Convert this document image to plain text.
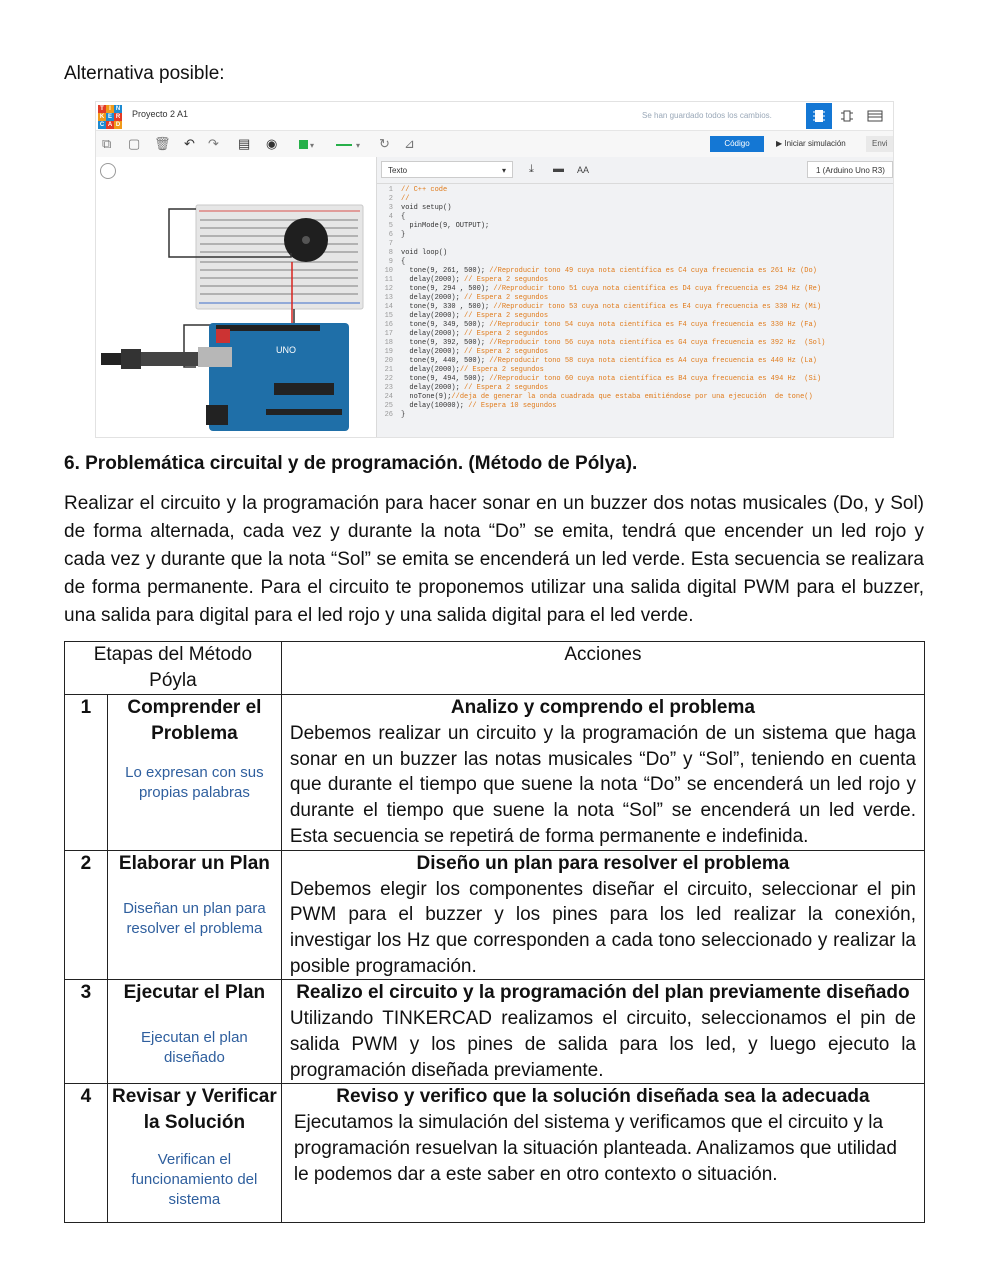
Alternativa posible:
T I N
K E R
C A D
Proyecto 2 A1	Se han guardado todos los cambios.
⧉ ▢ 🗑 ↶ ↷ ▤ ◉	▾	▾ ↻ ⊿	Código	▶ Iniciar simulación	Envi
UNO
Texto	▾ ⤓ ▬ AA	1 (Arduino Uno R3)
1 // C++ code
2 //
3 void setup()
4 {
5 pinMode(9, OUTPUT);
6 }
7
8 void loop()
9 {
10 tone(9, 261, 500); //Reproducir tono 49 cuya nota científica es C4 cuya frecuencia es 261 Hz (Do)
11 delay(2000); // Espera 2 segundos
12 tone(9, 294 , 500); //Reproducir tono 51 cuya nota científica es D4 cuya frecuencia es 294 Hz (Re)
13 delay(2000); // Espera 2 segundos
14 tone(9, 330 , 500); //Reproducir tono 53 cuya nota científica es E4 cuya frecuencia es 330 Hz (Mi)
15 delay(2000); // Espera 2 segundos
16 tone(9, 349, 500); //Reproducir tono 54 cuya nota científica es F4 cuya frecuencia es 330 Hz (Fa)
17 delay(2000); // Espera 2 segundos
18 tone(9, 392, 500); //Reproducir tono 56 cuya nota científica es G4 cuya frecuencia es 392 Hz  (Sol)
19 delay(2000); // Espera 2 segundos
20 tone(9, 440, 500); //Reproducir tono 58 cuya nota científica es A4 cuya frecuencia es 440 Hz (La)
21 delay(2000);// Espera 2 segundos
22 tone(9, 494, 500); //Reproducir tono 60 cuya nota científica es B4 cuya frecuencia es 494 Hz  (Si)
23 delay(2000); // Espera 2 segundos
24 noTone(9);//deja de generar la onda cuadrada que estaba emitiéndose por una ejecución  de tone()
25 delay(10000); // Espera 10 segundos
26 }
6. Problemática circuital y de programación. (Método de Pólya).
Realizar el circuito y la programación para hacer sonar en un buzzer dos notas musicales (Do, y Sol)
de forma alternada, cada vez y durante la nota “Do” se emita, tendrá que encender un led rojo y
cada vez y durante que la nota “Sol” se emita se encenderá un led verde. Esta secuencia se realizara
de forma permanente. Para el circuito te proponemos utilizar una salida digital PWM para el buzzer,
una salida para digital para el led rojo y una salida digital para el led verde.
Etapas del Método Póyla		Acciones
1	Comprender el Problema
Lo expresan con sus propias palabras	Analizo y comprendo el problema
Debemos realizar un circuito y la programación de un sistema que haga sonar en un buzzer las notas musicales “Do” y “Sol”, teniendo en cuenta que durante el tiempo que suene la nota “Do” se encenderá un led rojo y durante el tiempo que suene la nota “Sol” se encenderá un led verde. Esta secuencia se repetirá de forma permanente e indefinida.

2	Elaborar un Plan
Diseñan un plan para resolver el problema	Diseño un plan para resolver el problema
Debemos elegir los componentes diseñar el circuito, seleccionar el pin PWM para el buzzer y los pines para los led realizar la conexión, investigar los Hz que corresponden a cada tono seleccionado y realizar la posible programación.

3	Ejecutar el Plan
Ejecutan el plan diseñado	Realizo el circuito y la programación del plan previamente diseñado
Utilizando TINKERCAD realizamos el circuito, seleccionamos el pin de salida PWM y los pines de salida para los led, y luego ejecuto la programación diseñada previamente.

4	Revisar y Verificar la Solución
Verifican el funcionamiento del sistema	Reviso y verifico que la solución diseñada sea la adecuada
Ejecutamos la simulación del sistema y verificamos que el circuito y la programación resuelvan la situación planteada. Analizamos que utilidad le podemos dar a este saber en otro contexto o situación.
